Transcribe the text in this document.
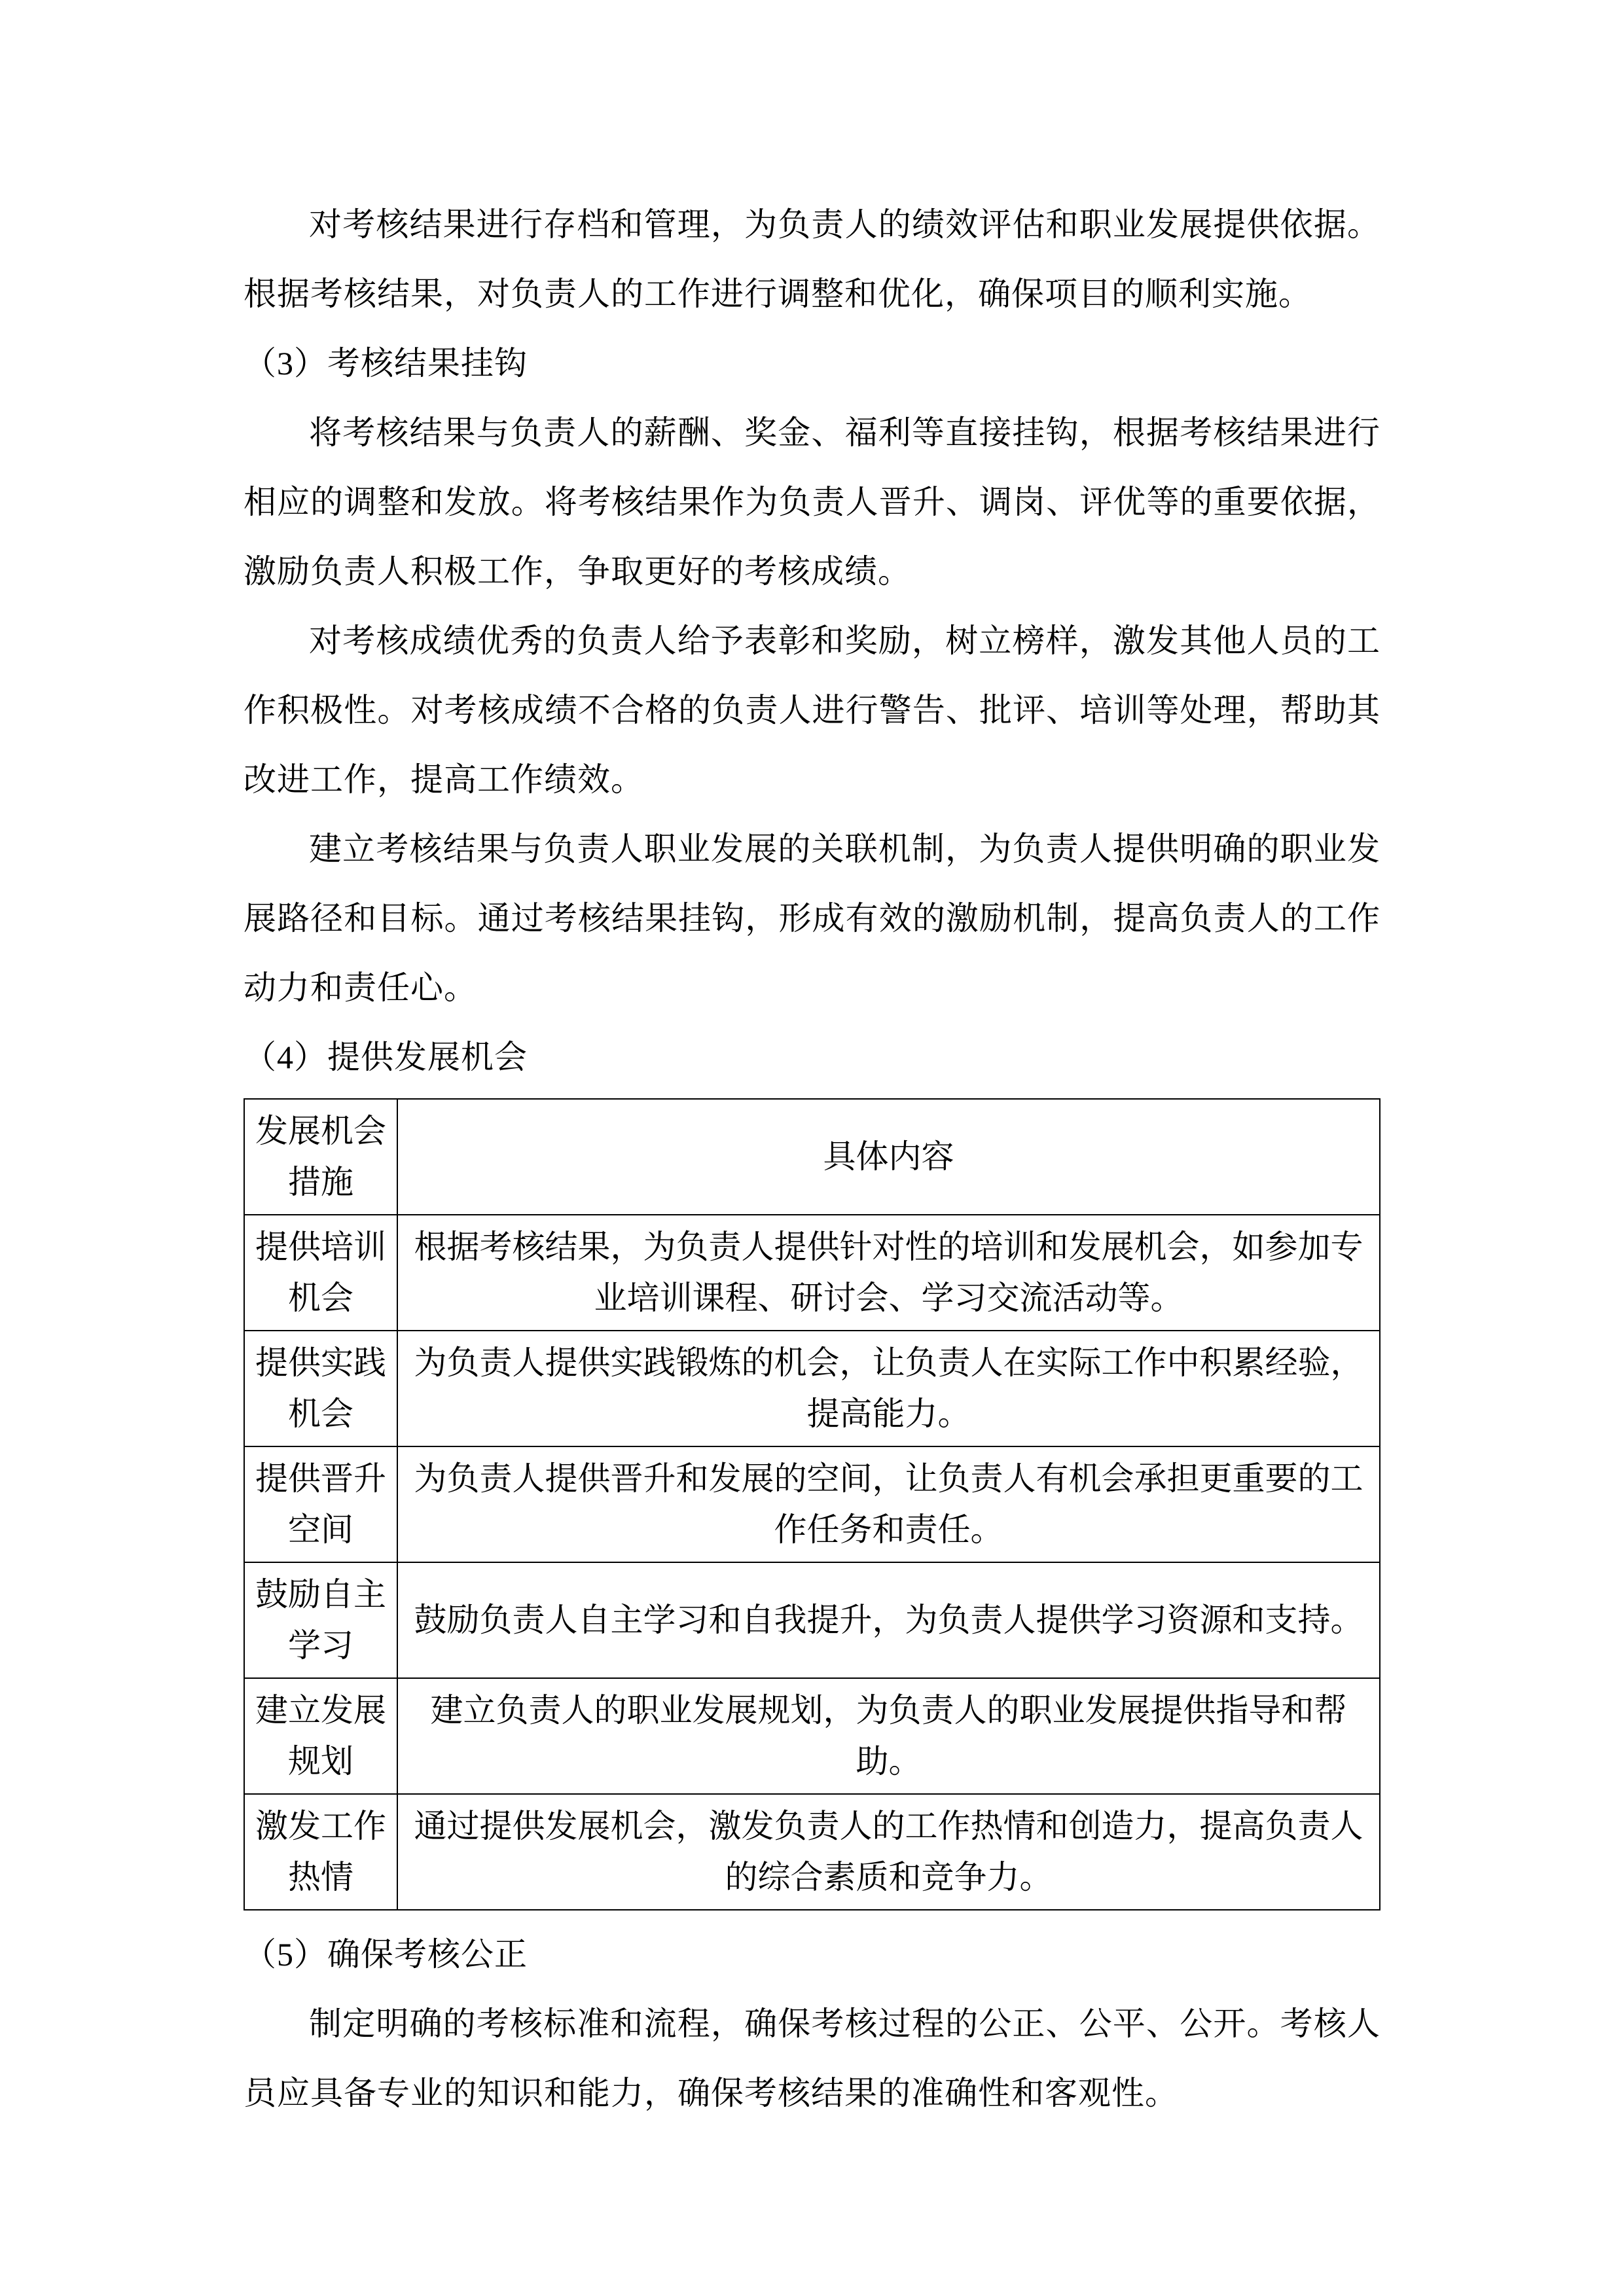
对考核结果进行存档和管理，为负责人的绩效评估和职业发展提供依据。根据考核结果，对负责人的工作进行调整和优化，确保项目的顺利实施。

（3）考核结果挂钩

将考核结果与负责人的薪酬、奖金、福利等直接挂钩，根据考核结果进行相应的调整和发放。将考核结果作为负责人晋升、调岗、评优等的重要依据，激励负责人积极工作，争取更好的考核成绩。

对考核成绩优秀的负责人给予表彰和奖励，树立榜样，激发其他人员的工作积极性。对考核成绩不合格的负责人进行警告、批评、培训等处理，帮助其改进工作，提高工作绩效。

建立考核结果与负责人职业发展的关联机制，为负责人提供明确的职业发展路径和目标。通过考核结果挂钩，形成有效的激励机制，提高负责人的工作动力和责任心。

（4）提供发展机会

发展机会措施	具体内容
提供培训机会	根据考核结果，为负责人提供针对性的培训和发展机会，如参加专业培训课程、研讨会、学习交流活动等。
提供实践机会	为负责人提供实践锻炼的机会，让负责人在实际工作中积累经验，提高能力。
提供晋升空间	为负责人提供晋升和发展的空间，让负责人有机会承担更重要的工作任务和责任。
鼓励自主学习	鼓励负责人自主学习和自我提升，为负责人提供学习资源和支持。
建立发展规划	建立负责人的职业发展规划，为负责人的职业发展提供指导和帮助。
激发工作热情	通过提供发展机会，激发负责人的工作热情和创造力，提高负责人的综合素质和竞争力。

（5）确保考核公正

制定明确的考核标准和流程，确保考核过程的公正、公平、公开。考核人员应具备专业的知识和能力，确保考核结果的准确性和客观性。
